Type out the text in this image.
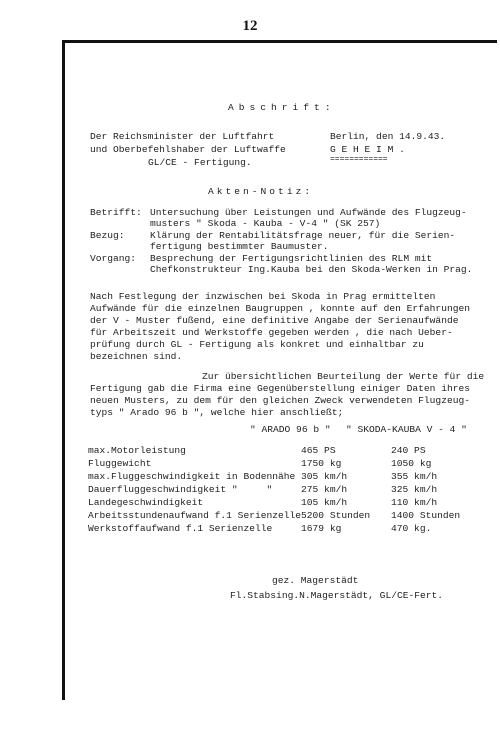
12
Abschrift:
Der Reichsminister der Luftfahrt
und Oberbefehlshaber der Luftwaffe
GL/CE - Fertigung.
Berlin, den 14.9.43.
G E H E I M .
============
Akten-Notiz:
Betrifft: Untersuchung über Leistungen und Aufwände des Flugzeug-
musters " Skoda - Kauba - V-4 " (SK 257)
Bezug:	Klärung der Rentabilitätsfrage neuer, für die Serien-
fertigung bestimmter Baumuster.
Vorgang: Besprechung der Fertigungsrichtlinien des RLM mit
Chefkonstrukteur Ing.Kauba bei den Skoda-Werken in Prag.
Nach Festlegung der inzwischen bei Skoda in Prag ermittelten
Aufwände für die einzelnen Baugruppen , konnte auf den Erfahrungen
der V - Muster fußend, eine definitive Angabe der Serienaufwände
für Arbeitszeit und Werkstoffe gegeben werden , die nach Ueber-
prüfung durch GL - Fertigung als konkret und einhaltbar zu
bezeichnen sind.
Zur übersichtlichen Beurteilung der Werte für die
Fertigung gab die Firma eine Gegenüberstellung einiger Daten ihres
neuen Musters, zu dem für den gleichen Zweck verwendeten Flugzeug-
typs " Arado 96 b ", welche hier anschließt;
" ARADO 96 b " " SKODA-KAUBA V - 4 "
max.Motorleistung	465 PS	240 PS
Fluggewicht	1750 kg	1050 kg
max.Fluggeschwindigkeit in Bodennähe	305 km/h	355 km/h
Dauerfluggeschwindigkeit "     "	275 km/h	325 km/h
Landegeschwindigkeit	105 km/h	110 km/h
Arbeitsstundenaufwand f.1 Serienzelle	5200 Stunden	1400 Stunden
Werkstoffaufwand f.1 Serienzelle	1679 kg	470 kg.
gez. Magerstädt
Fl.Stabsing.N.Magerstädt, GL/CE-Fert.
